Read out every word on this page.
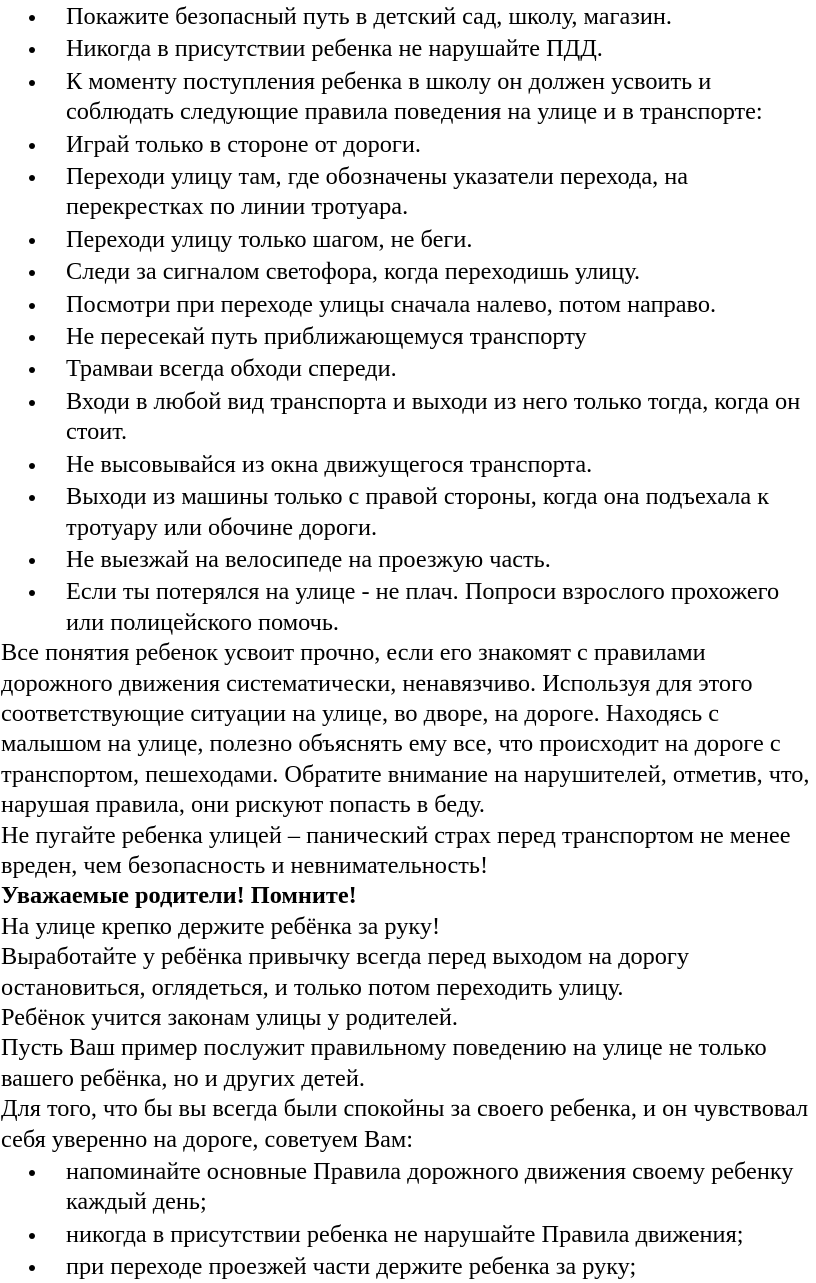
Покажите безопасный путь в детский сад, школу, магазин.
Никогда в присутствии ребенка не нарушайте ПДД.
К моменту поступления ребенка в школу он должен усвоить и соблюдать следующие правила поведения на улице и в транспорте:
Играй только в стороне от дороги.
Переходи улицу там, где обозначены указатели перехода, на перекрестках по линии тротуара.
Переходи улицу только шагом, не беги.
Следи за сигналом светофора, когда переходишь улицу.
Посмотри при переходе улицы сначала налево, потом направо.
Не пересекай путь приближающемуся транспорту
Трамваи всегда обходи спереди.
Входи в любой вид транспорта и выходи из него только тогда, когда он стоит.
Не высовывайся из окна движущегося транспорта.
Выходи из машины только с правой стороны, когда она подъехала к тротуару или обочине дороги.
Не выезжай на велосипеде на проезжую часть.
Если ты потерялся на улице - не плач. Попроси взрослого прохожего или полицейского помочь.

Все понятия ребенок усвоит прочно, если его знакомят с правилами дорожного движения систематически, ненавязчиво. Используя для этого соответствующие ситуации на улице, во дворе, на дороге. Находясь с малышом на улице, полезно объяснять ему все, что происходит на дороге с транспортом, пешеходами. Обратите внимание на нарушителей, отметив, что, нарушая правила, они рискуют попасть в беду.

Не пугайте ребенка улицей – панический страх перед транспортом не менее вреден, чем безопасность и невнимательность!

Уважаемые родители! Помните!

На улице крепко держите ребёнка за руку!

Выработайте у ребёнка привычку всегда перед выходом на дорогу остановиться, оглядеться, и только потом переходить улицу.

Ребёнок учится законам улицы у родителей.

Пусть Ваш пример послужит правильному поведению на улице не только вашего ребёнка, но и других детей.

Для того, что бы вы всегда были спокойны за своего ребенка, и он чувствовал себя уверенно на дороге, советуем Вам:

напоминайте основные Правила дорожного движения своему ребенку каждый день;
никогда в присутствии ребенка не нарушайте Правила движения;
при переходе проезжей части держите ребенка за руку;
